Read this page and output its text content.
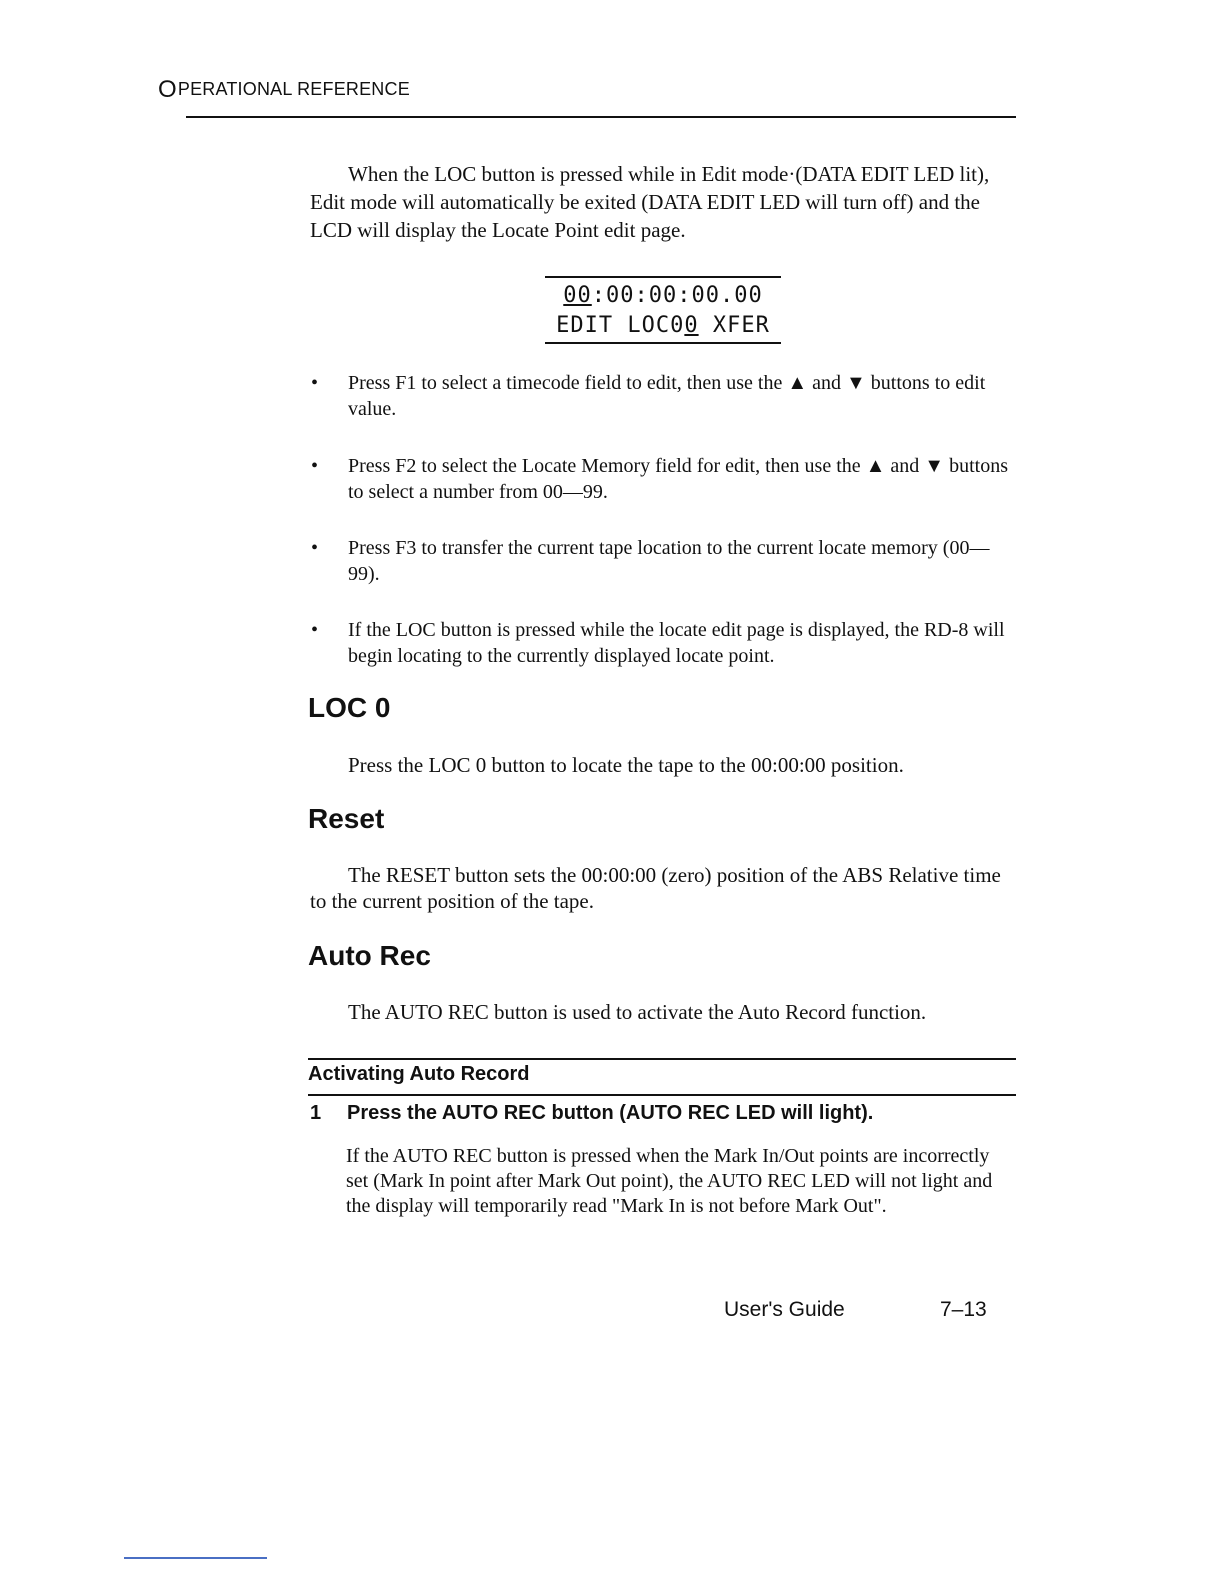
OPERATIONAL REFERENCE
When the LOC button is pressed while in Edit mode·(DATA EDIT LED lit), Edit mode will automatically be exited (DATA EDIT LED will turn off) and the LCD will display the Locate Point edit page.
00:00:00:00.00
EDIT LOC00 XFER
• Press F1 to select a timecode field to edit, then use the ▲ and ▼ buttons to edit value.
• Press F2 to select the Locate Memory field for edit, then use the ▲ and ▼ buttons to select a number from 00—99.
• Press F3 to transfer the current tape location to the current locate memory (00—99).
• If the LOC button is pressed while the locate edit page is displayed, the RD-8 will begin locating to the currently displayed locate point.
LOC 0
Press the LOC 0 button to locate the tape to the 00:00:00 position.
Reset
The RESET button sets the 00:00:00 (zero) position of the ABS Relative time to the current position of the tape.
Auto Rec
The AUTO REC button is used to activate the Auto Record function.
Activating Auto Record
1 Press the AUTO REC button (AUTO REC LED will light).
If the AUTO REC button is pressed when the Mark In/Out points are incorrectly set (Mark In point after Mark Out point), the AUTO REC LED will not light and the display will temporarily read "Mark In is not before Mark Out".
User's Guide	7–13
